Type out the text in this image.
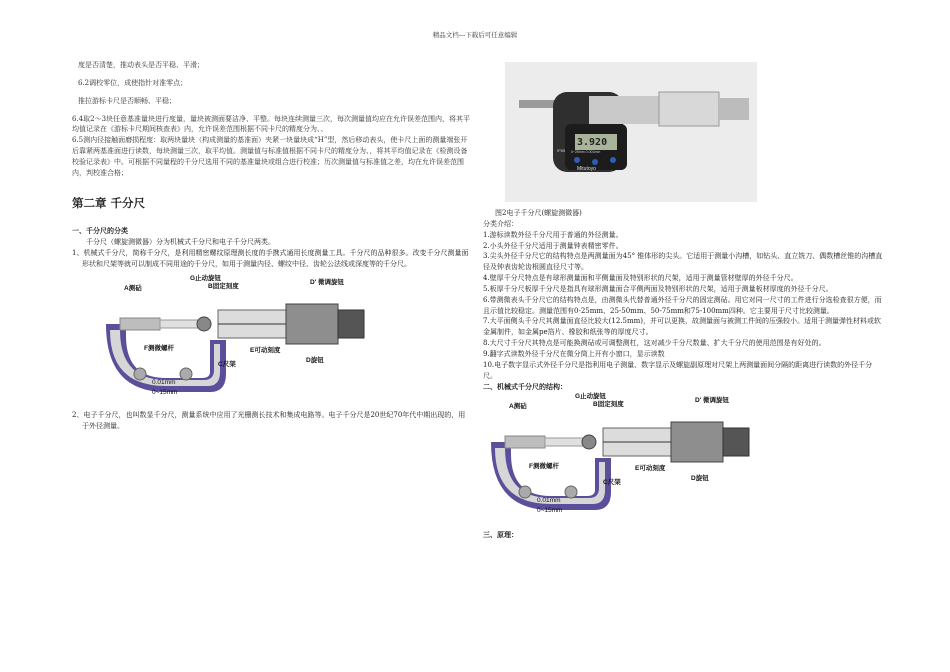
精品文档---下载后可任意编辑

度是否清楚，推动表头是否平稳、平滑；

6.2调校零位，成使指针对准零点；

推拉游标卡尺是否顺畅、平稳；

6.4取2～3块任意基准量块进行度量，量块被测面要洁净、平整。每块连续测量三次，每次测量值均应在允许误差范围内，将其平均值记录在《游标卡尺期间核查表》内，允许误差范围根据不同卡尺的精度分为、、

6.5测内径接触面磨损程度：取两块量块（构成测量的基准面）夹紧一块量块成“H”型，然后移动表头，使卡尺上面的测量端张开后靠紧两基准面进行读数，每块测量三次，取平均值。测量值与标准值根据不同卡尺的精度分为、，将其平均值记录在《检测设备校验记录表》中。可根据不同量程的千分尺选用不同的基准量块或组合进行校准；历次测量值与标准值之差，均在允许误差范围内，判校准合格；

第二章 千分尺

一、千分尺的分类

千分尺（螺旋测微器）分为机械式千分尺和电子千分尺两类。

1、机械式千分尺，简称千分尺，是利用精密螺纹原理测长度的手携式通用长度测量工具。千分尺的品种很多。改变千分尺测量面形状和尺架等就可以制成不同用途的千分尺，如用于测量内径、螺纹中径、齿轮公法线或深度等的千分尺。

A测砧
G止动旋钮
B固定刻度
D′ 微调旋钮
F测微螺杆	E可动刻度
C尺架
D旋钮
0.01mm
0~15mm

2、电子千分尺，也叫数显千分尺，测量系统中应用了光栅测长技术和集成电路等。电子千分尺是20世纪70年代中期出现的，用于外径测量。

3.920
Mitutoyo
0~25mm 0.001mm
IP65

图2电子千分尺(螺旋测微器)

分类介绍：

1.游标读数外径千分尺用于普通的外径测量。

2.小头外径千分尺适用于测量钟表精密零件。

3.尖头外径千分尺它的结构特点是两测量面为45° 锥体形的尖头。它适用于测量小沟槽，如钻头、直立铣刀、偶数槽丝锥的沟槽直径及钟表齿轮齿根圆直径尺寸等。

4.壁厚千分尺特点是有球形测量面和平侧量面及特别形状的尺架，适用于测量管材壁厚的外径千分尺。

5.板厚千分尺板厚千分尺是指具有球形测量面合平侧两面及特别形状的尺架，适用于测量板材厚度的外径千分尺。

6.带测微表头千分尺它的结构特点是，由测微头代替普通外径千分尺的固定测砧。用它对同一尺寸的工件进行分选检查很方便，而且示值比较稳定。测量范围有0-25mm、25-50mm、50-75mm和75-100mm四种。它主要用于尺寸比较测量。

7.大平面侧头千分尺其测量面直径比较大(12.5mm)，并可以更换，故测量面与被测工件间的压强较小。适用于测量弹性材料或软金属制件，如金属pe箔片、橡胶和纸张等的厚度尺寸。

8.大尺寸千分尺其特点是可能换测砧或可调整测杠，这对减少千分尺数量、扩大千分尺的使用范围是有好处的。

9.翻字式读数外径千分尺在微分筒上开有小窗口，显示读数

10.电子数字显示式外径千分尺是指利用电子测量、数字显示及螺旋副原理对尺架上两测量面间分隔的距离进行读数的外径千分尺。

二、机械式千分尺的结构：

A测砧
G止动旋钮
B固定刻度
D′ 微调旋钮
F测微螺杆	E可动刻度
C尺架
D旋钮
0.01mm
0~15mm

三、原理：
